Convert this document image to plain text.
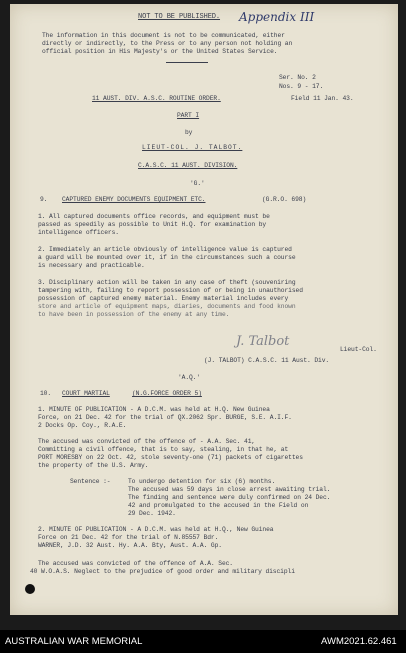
NOT TO BE PUBLISHED. Appendix III
The information in this document is not to be communicated, either
directly or indirectly, to the Press or to any person not holding an
official position in His Majesty's or the United States Service.
Ser. No. 2
Nos. 9 - 17.
11 AUST. DIV. A.S.C. ROUTINE ORDER.	Field 11 Jan. 43.
PART I
by
LIEUT-COL. J. TALBOT.
C.A.S.C. 11 AUST. DIVISION.
'G.'
9. CAPTURED ENEMY DOCUMENTS EQUIPMENT ETC.	(G.R.O. 698)
1. All captured documents office records, and equipment must be
passed as speedily as possible to Unit H.Q. for examination by
intelligence officers.
2. Immediately an article obviously of intelligence value is captured
a guard will be mounted over it, if in the circumstances such a course
is necessary and practicable.
3. Disciplinary action will be taken in any case of theft (souveniring
tampering with, failing to report possession of or being in unauthorised
possession of captured enemy material. Enemy material includes every
store and article of equipment maps, diaries, documents and food known
to have been in possession of the enemy at any time.
J. Talbot
Lieut-Col.
(J. TALBOT) C.A.S.C. 11 Aust. Div.
'A.Q.'
10. COURT MARTIAL	(N.G.FORCE ORDER 5)
1. MINUTE OF PUBLICATION - A D.C.M. was held at H.Q. New Guinea
Force, on 21 Dec. 42 for the trial of QX.2062 Spr. BURGE, S.E. A.I.F.
2 Docks Op. Coy., R.A.E.
The accused was convicted of the offence of - A.A. Sec. 41,
Committing a civil offence, that is to say, stealing, in that he, at
PORT MORESBY on 22 Oct. 42, stole seventy-one (71) packets of cigarettes
the property of the U.S. Army.
Sentence :-	To undergo detention for six (6) months.
The accused was 59 days in close arrest awaiting trial.
The finding and sentence were duly confirmed on 24 Dec.
42 and promulgated to the accused in the Field on
29 Dec. 1942.
2. MINUTE OF PUBLICATION - A D.C.M. was held at H.Q., New Guinea
Force on 21 Dec. 42 for the trial of N.85557 Bdr.
WARNER, J.D. 32 Aust. Hy. A.A. Bty, Aust. A.A. Gp.
The accused was convicted of the offence of A.A. Sec.
40 W.O.A.S. Neglect to the prejudice of good order and military discipli
AUSTRALIAN WAR MEMORIAL	AWM2021.62.461
